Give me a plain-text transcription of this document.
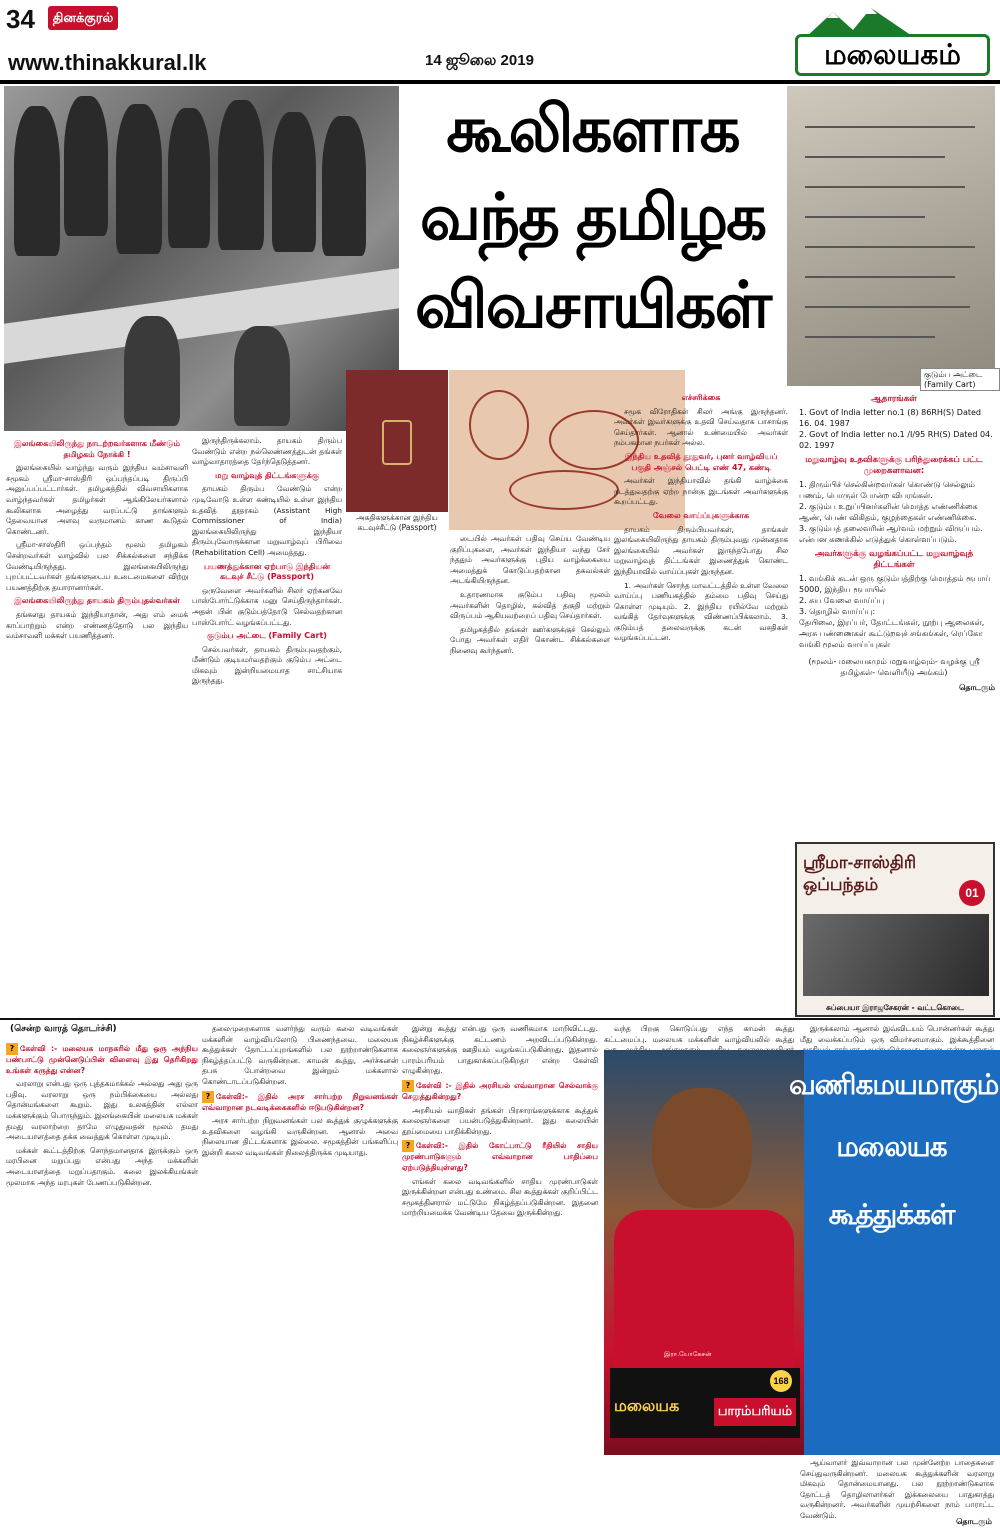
34	தினக்குரல்
www.thinakkural.lk	14 ஜூலை 2019	மலையகம்
கூலிகளாக
வந்த தமிழக
விவசாயிகள்
குடும்ப அட்டை (Family Cart)
அகதிகளுக்கான இந்திய கடவுச்சீட்டு (Passport)

இலங்கையிலிருந்து நாடற்றவர்களாக மீண்டும் தமிழகம் நோக்கி !

இலங்கையில் வாழ்ந்து வரும் இந்திய வம்சாவளி சமூகம் ஸ்ரீமா-சாஸ்திரி ஒப்பந்தப்படி திருப்பி அனுப்பப்பட்டார்கள். தமிழகத்தில் விவசாயிகளாக வாழ்ந்தவர்கள் தமிழர்கள் ஆங்கிலேயர்களால் கூலிகளாக அழைத்து வரப்பட்டு தாங்களும் தேவையான அளவு வருமானம் காண கூடுதல் கொண்டனர்.

ஸ்ரீமா-சாஸ்திரி ஒப்பந்தம் மூலம் தமிழகம் சென்றவர்கள் வாழ்வில் பல சிக்கல்களை சந்திக்க வேண்டியிருந்தது. இலங்கையிலிருந்து புறப்பட்டவர்கள் தங்களுடைய உடைமைகளை விற்று பயணத்திற்கு தயாரானார்கள்.

இலங்கையிலிருந்து தாயகம் திரும்புதல்வர்கள்

தங்களது தாயகம் இந்தியாதான், அது எம் மைக் காப்பாற்றும் என்ற எண்ணத்தோடு பல இந்திய வம்சாவளி மக்கள் பயணித்தனர்.

இருந்திருக்கலாம். தாயகம் திரும்ப வேண்டும் என்ற நல்லெண்ணத்துடன் தங்கள் வாழ்வாதாரத்தை தேர்ந்தெடுத்தனர்.

மறு வாழ்வுத் திட்டங்களுக்கு

தாயகம் திரும்ப வேண்டும் என்ற முடிவோடு உள்ள கண்டியில் உள்ள இந்திய உதவித் தூதரகம் (Assistant High Commissioner of India) இலங்கையிலிருந்து இந்தியா திரும்புவோருக்கான மறுவாழ்வுப் பிரிவை (Rehabilitation Cell) அமைத்தது.

பயணத்துக்கான ஏற்பாடு இந்தியன் கடவுச் சீட்டு (Passport)

ஒருவேளை அவர்களில் சிலர் ஏற்கனவே பாஸ்போர்ட்டுக்காக மனு செய்திருந்தார்கள். அதன் பின் குடும்பத்தோடு செல்வதற்கான பாஸ்போர்ட் வழங்கப்பட்டது.

குடும்ப அட்டை (Family Cart)

செல்பவர்கள், தாயகம் திரும்புவதற்கும், மீண்டும் குடியமர்வதற்கும் குடும்ப அட்டை மிகவும் இன்றியமையாத சாட்சியாக இருந்தது.

டையில் அவர்கள் பதிவு செய்ய வேண்டிய குறிப்புகளை, அவர்கள் இந்தியா வந்து சேர் ந்ததும் அவர்களுக்கு புதிய வாழ்க்கையை அமைத்துக் கொடுப்பதற்கான தகவல்கள் அடங்கியிருந்தன.

உதாரணமாக குடும்ப பதிவு மூலம் அவர்களின் தொழில், கல்வித் தகுதி மற்றும் விருப்பம் ஆகியவற்றைப் பதிவு செய்தார்கள்.

தமிழகத்தில் தங்கள் ஊர்களுக்குச் செல்லும் போது அவர்கள் எதிர் கொண்ட சிக்கல்களை நினைவு கூர்ந்தனர்.

எச்சரிக்கை

சமூக விரோதிகள் சிலர் அங்கு இருந்தனர். அவர்கள் இவர்களுக்கு உதவி செய்வதாக பாசாங்கு செய்தார்கள். ஆனால் உண்மையில் அவர்கள் நம்பகமான நபர்கள் அல்ல.

இந்திய உதவித் தூதுவர், புனர் வாழ்வியப் பகுதி அஞ்சல் பெட்டி எண் 47, கண்டி

அவர்கள் இந்தியாவில் தங்கி வாழ்க்கை நடத்துவதற்கு ஏற்ற நான்கு இடங்கள் அவர்களுக்கு கூறப்பட்டது.

வேலை வாய்ப்புகளுக்காக

தாயகம் திரும்பியவர்கள், தாங்கள் இலங்கையிலிருந்து தாயகம் திரும்புவது முன்னதாக இலங்கையில் அவர்கள் இருந்தபோது சில மறுவாழ்வுத் திட்டங்கள் இணைத்துக் கொண்ட இந்தியாவில் வாய்ப்புகள் இருந்தன.

1. அவர்கள் சொந்த மாவட்டத்தில் உள்ள வேலை வாய்ப்பு பணியகத்தில் தம்மை பதிவு செய்து கொள்ள முடியும். 2. இந்திய ரயில்வே மற்றும் வங்கித் தேர்வுகளுக்கு விண்ணப்பிக்கலாம். 3. குடும்பத் தலைவருக்கு கடன் வசதிகள் வழங்கப்பட்டன.

ஆதாரங்கள்
1. Govt of India letter no.1 (8) 86RH(S) Dated 16. 04. 1987
2. Govt of India letter no.1 /I/95 RH(S) Dated 04. 02. 1997
மறுவாழ்வு உதவிகளுக்கு பரிந்துரைக்கப் பட்ட முறைகளாவன:
1. திரும்பிச் செல்கின்றவர்கள் கொண்டு செல்லும் பணம், பொருள் போன்ற விபரங்கள்.
2. குடும்ப உறுப்பினர்களின் மொத்த எண்ணிக்கை ஆண், பெண் விகிதம், குழந்தைகள் எண்ணிக்கை.
3. குடும்பத் தலைவரின் ஆர்வம் மற்றும் விருப்பம்.
என்பன கணக்கில் எடுத்துக் கொள்ளப்படும்.
அவர்களுக்கு வழங்கப்பட்ட மறுவாழ்வுத் திட்டங்கள்
1. வங்கிக் கடன் ஒரு குடும்பத்திற்கு மொத்தம் ரூபாய் 5000, இந்திய ரூபாயில்
2. சுய வேலை வாய்ப்பு
3. தொழில் வாய்ப்பு:
தேயிலை, இரப்பர், தோட்டங்கள், நூற்பு ஆலைகள், அரசு பண்ணைகள் கூட்டுறவுச் சங்கங்கள், ரெப்கோ வங்கி மூலம் வாய்ப்புகள்
(மூலம்- மலையகமும் மறுவாழ்வும்- வழக்கு ஸ்ரீ தமிழ்கள்- வெளியீடு அங்கம்)
தொடரும்
ஸ்ரீமா-சாஸ்திரி ஒப்பந்தம்	01
சுப்பையா இராஜசேகரன் - வட்டகொடை
(சென்ற வாரத் தொடர்ச்சி)

? கேள்வி :- மலையக மாநகரில் மீது ஒரு அந்நிய பண்பாட்டு முன்னெடுப்பின் விளைவு இது தெரிகிறது உங்கள் கருத்து என்ன?

வரலாறு என்பது ஒரு புத்தகமாக்கல் அல்லது அது ஒரு பதிவு. வரலாறு ஒரு நம்பிக்கையை அல்லது தொன்மங்களை கூறும். இது உலகத்தின் எல்லா மக்களுக்கும் பொருந்தும். இலங்கையின் மலையக மக்கள் தமது வரலாற்றை தாமே எழுதுவதன் மூலம் தமது அடையாளத்தை தக்க வைத்துக் கொள்ள முடியும்.

மக்கள் கூட்டத்திற்கு சொந்தமானதாக இருக்கும் ஒரு மரபினை மறுப்பது என்பது அந்த மக்களின் அடையாளத்தை மறுப்பதாகும். கலை இலக்கியங்கள் மூலமாக அந்த மரபுகள் பேணப்படுகின்றன.

தலைமுறைகளாக வளர்ந்து வரும் கலை வடிவங்கள் மக்களின் வாழ்வியலோடு பிணைந்தவை. மலையக கூத்துக்கள் தோட்டப்புறங்களில் பல நூற்றாண்டுகளாக நிகழ்த்தப்பட்டு வருகின்றன. காமன் கூத்து, அர்ச்சுனன் தபசு போன்றவை இன்றும் மக்களால் கொண்டாடப்படுகின்றன.

? கேள்வி:- இதில் அரச சார்பற்ற நிறுவனங்கள் எவ்வாறான நடவடிக்கைகளில் ஈடுபடுகின்றன?

அரச சார்பற்ற நிறுவனங்கள் பல கூத்துக் குழுக்களுக்கு உதவிகளை வழங்கி வருகின்றன. ஆனால் அவை நிலையான திட்டங்களாக இல்லை. சமூகத்தின் பங்களிப்பு இன்றி கலை வடிவங்கள் நிலைத்திருக்க முடியாது.

இன்று கூத்து என்பது ஒரு வணிகமாக மாறிவிட்டது. நிகழ்ச்சிகளுக்கு கட்டணம் அறவிடப்படுகின்றது. கலைஞர்களுக்கு ஊதியம் வழங்கப்படுகின்றது. இதனால் பாரம்பரியம் பாதுகாக்கப்படுகிறதா என்ற கேள்வி எழுகின்றது.

? கேள்வி :- இதில் அரசியல் எவ்வாறான செல்வாக்கு செலுத்துகின்றது?

அரசியல் வாதிகள் தங்கள் பிரசாரங்களுக்காக கூத்துக் கலைஞர்களை பயன்படுத்துகின்றனர். இது கலையின் தூய்மையை பாதிக்கின்றது.

? கேள்வி:- இதில் கோட்பாட்டு ரீதியில் சாதிய முரண்பாடுகளும் எவ்வாறான பாதிப்பை ஏற்படுத்தியுள்ளது?

எங்கள் கலை வடிவங்களில் சாதிய முரண்பாடுகள் இருக்கின்றன என்பது உண்மை. சில கூத்துக்கள் குறிப்பிட்ட சமூகத்தினரால் மட்டுமே நிகழ்த்தப்படுகின்றன. இதனை மாற்றியமைக்க வேண்டிய தேவை இருக்கின்றது.

வந்த பிறகு கொடுப்பது எந்த காமன் கூத்து கட்டமைப்பு. மலையக மக்களின் வாழ்வியலில் கூத்து

இருக்கலாம் ஆனால் இவ்விடயம் பொன்னர்கள் கூத்து மீது வைக்கப்படும் ஒரு விமர்சனமாகும். இக்கூத்தினை

வணிகமயமாகும்
மலையக
கூத்துக்கள்
இரா.யோகேசன்
மலையக	பாரம்பரியம்
168

ஆய்வாளர் இவ்வாறான பல முன்னேற்ற பாதைகளை செய்துவருகின்றனர். மலையக கூத்துக்களின் வரலாறு மிகவும் தொன்மையானது. பல நூற்றாண்டுகளாக தோட்டத் தொழிலாளர்கள் இக்கலையை பாதுகாத்து வருகின்றனர். அவர்களின் முயற்சிகளை நாம் பாராட்ட வேண்டும்.

தொடரும்
